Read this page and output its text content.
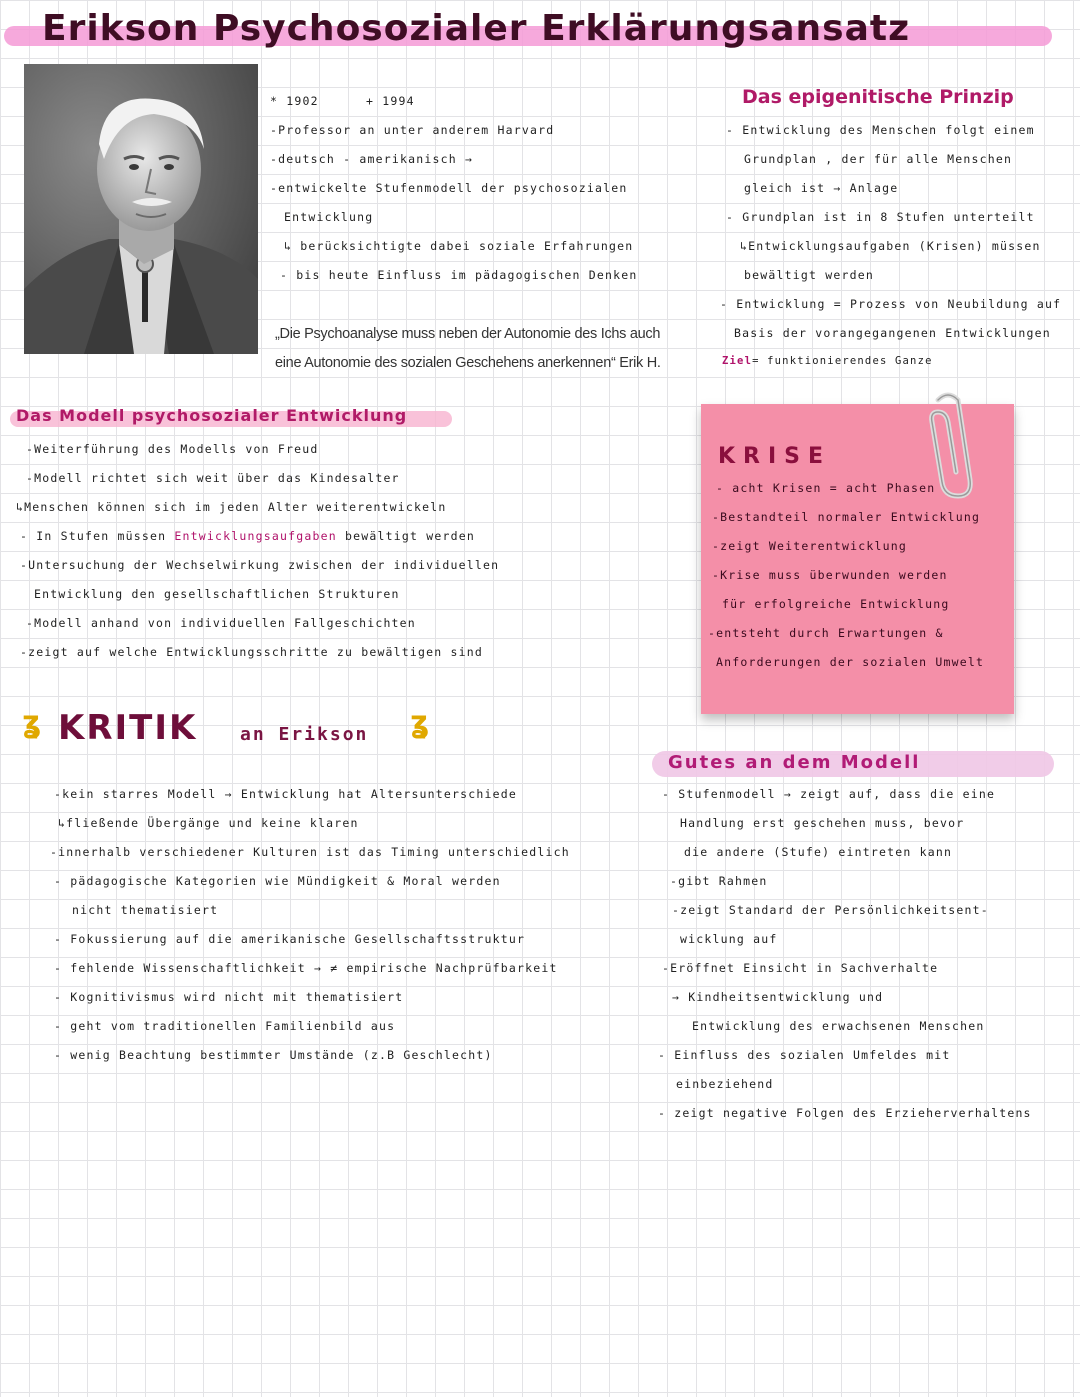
Erikson Psychosozialer Erklärungsansatz
* 1902	+ 1994
-Professor an unter anderem Harvard
-deutsch - amerikanisch →
-entwickelte Stufenmodell der psychosozialen
Entwicklung
↳ berücksichtigte dabei soziale Erfahrungen
- bis heute Einfluss im pädagogischen Denken
„Die Psychoanalyse muss neben der Autonomie des Ichs auch
eine Autonomie des sozialen Geschehens anerkennen“ Erik H.
Das epigenitische Prinzip
- Entwicklung des Menschen folgt einem
Grundplan , der für alle Menschen
gleich ist → Anlage
- Grundplan ist in 8 Stufen unterteilt
↳Entwicklungsaufgaben (Krisen) müssen
bewältigt werden
- Entwicklung = Prozess von Neubildung auf
Basis der vorangegangenen Entwicklungen
Ziel= funktionierendes Ganze
Das Modell psychosozialer Entwicklung
-Weiterführung des Modells von Freud
-Modell richtet sich weit über das Kindesalter
↳Menschen können sich im jeden Alter weiterentwickeln
- In Stufen müssen Entwicklungsaufgaben bewältigt werden
-Untersuchung der Wechselwirkung zwischen der individuellen
Entwicklung den gesellschaftlichen Strukturen
-Modell anhand von individuellen Fallgeschichten
-zeigt auf welche Entwicklungsschritte zu bewältigen sind
KRISE
- acht Krisen = acht Phasen
-Bestandteil normaler Entwicklung
-zeigt Weiterentwicklung
-Krise muss überwunden werden
für erfolgreiche Entwicklung
-entsteht durch Erwartungen &
Anforderungen der sozialen Umwelt
ʓ KRITIK an Erikson ʓ
-kein starres Modell → Entwicklung hat Altersunterschiede
↳fließende Übergänge und keine klaren
-innerhalb verschiedener Kulturen ist das Timing unterschiedlich
- pädagogische Kategorien wie Mündigkeit & Moral werden
nicht thematisiert
- Fokussierung auf die amerikanische Gesellschaftsstruktur
- fehlende Wissenschaftlichkeit → ≠ empirische Nachprüfbarkeit
- Kognitivismus wird nicht mit thematisiert
- geht vom traditionellen Familienbild aus
- wenig Beachtung bestimmter Umstände (z.B Geschlecht)
Gutes an dem Modell
- Stufenmodell → zeigt auf, dass die eine
Handlung erst geschehen muss, bevor
die andere (Stufe) eintreten kann
-gibt Rahmen
-zeigt Standard der Persönlichkeitsent-
wicklung auf
-Eröffnet Einsicht in Sachverhalte
→ Kindheitsentwicklung und
Entwicklung des erwachsenen Menschen
- Einfluss des sozialen Umfeldes mit
einbeziehend
- zeigt negative Folgen des Erzieherverhaltens
